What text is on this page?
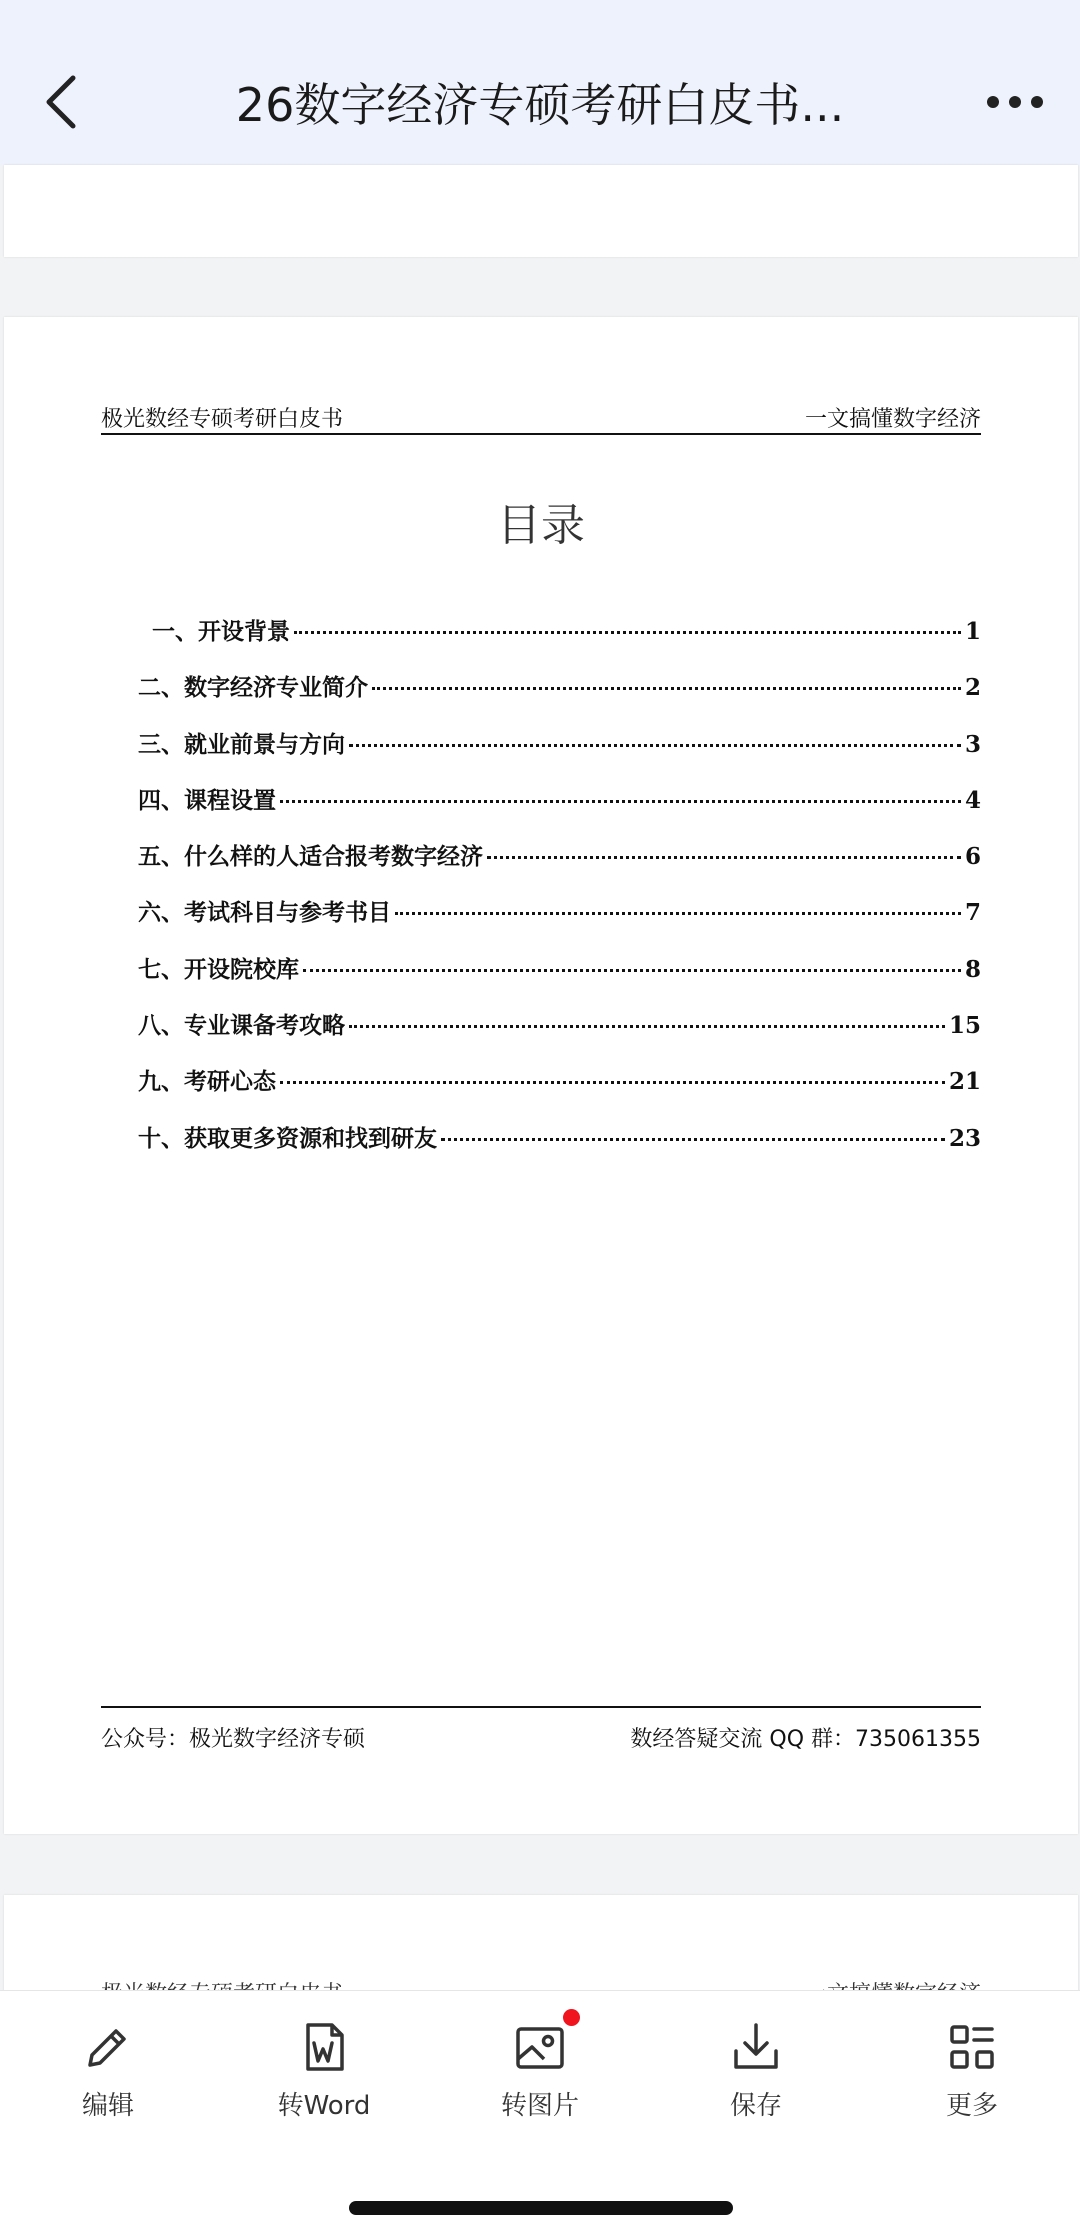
26数字经济专硕考研白皮书...
极光数经专硕考研白皮书	一文搞懂数字经济
目录
一、开设背景	1
二、数字经济专业简介	2
三、就业前景与方向	3
四、课程设置	4
五、什么样的人适合报考数字经济	6
六、考试科目与参考书目	7
七、开设院校库	8
八、专业课备考攻略	15
九、考研心态	21
十、获取更多资源和找到研友	23
公众号：极光数字经济专硕	数经答疑交流 QQ 群：735061355
编辑	转Word	转图片	保存	更多
